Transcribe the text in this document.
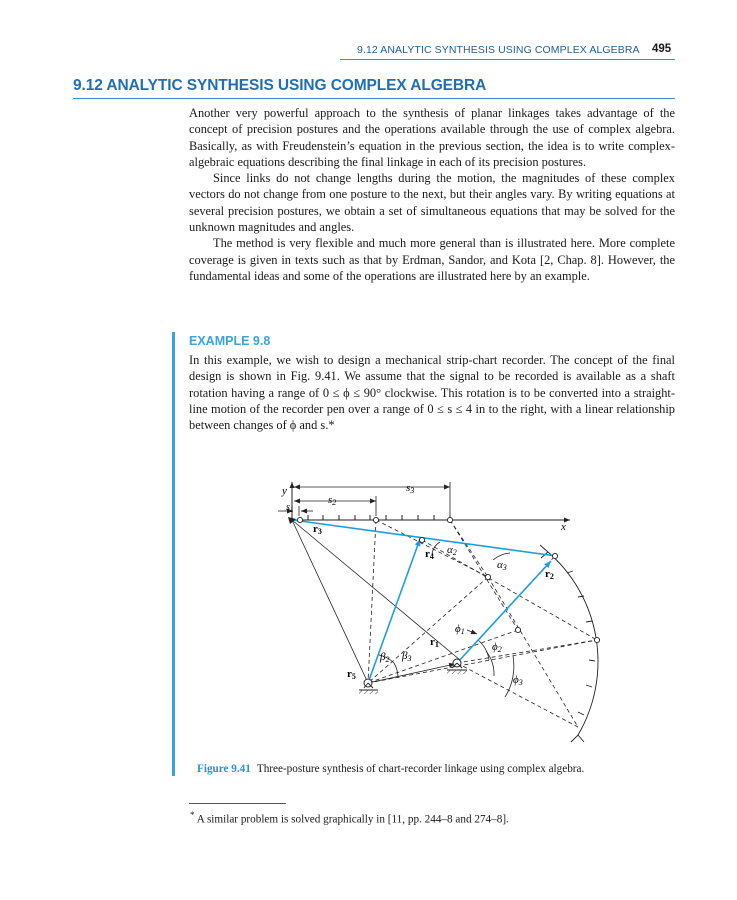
9.12 ANALYTIC SYNTHESIS USING COMPLEX ALGEBRA 495
9.12 ANALYTIC SYNTHESIS USING COMPLEX ALGEBRA

Another very powerful approach to the synthesis of planar linkages takes advantage of the concept of precision postures and the operations available through the use of complex algebra. Basically, as with Freudenstein’s equation in the previous section, the idea is to write complex-algebraic equations describing the final linkage in each of its precision postures.

Since links do not change lengths during the motion, the magnitudes of these complex vectors do not change from one posture to the next, but their angles vary. By writing equations at several precision postures, we obtain a set of simultaneous equations that may be solved for the unknown magnitudes and angles.

The method is very flexible and much more general than is illustrated here. More complete coverage is given in texts such as that by Erdman, Sandor, and Kota [2, Chap. 8]. However, the fundamental ideas and some of the operations are illustrated here by an example.

EXAMPLE 9.8

In this example, we wish to design a mechanical strip-chart recorder. The concept of the final design is shown in Fig. 9.41. We assume that the signal to be recorded is available as a shaft rotation having a range of 0 ≤ ϕ ≤ 90° clockwise. This rotation is to be converted into a straight-line motion of the recorder pen over a range of 0 ≤ s ≤ 4 in to the right, with a linear relationship between changes of ϕ and s.*

y
x
s3
s2
$s_1$
r3
r4
r2
r1
r5
α2
α3
β2 β3
ϕ1
ϕ2
ϕ3
Figure 9.41 Three-posture synthesis of chart-recorder linkage using complex algebra.
* A similar problem is solved graphically in [11, pp. 244–8 and 274–8].
